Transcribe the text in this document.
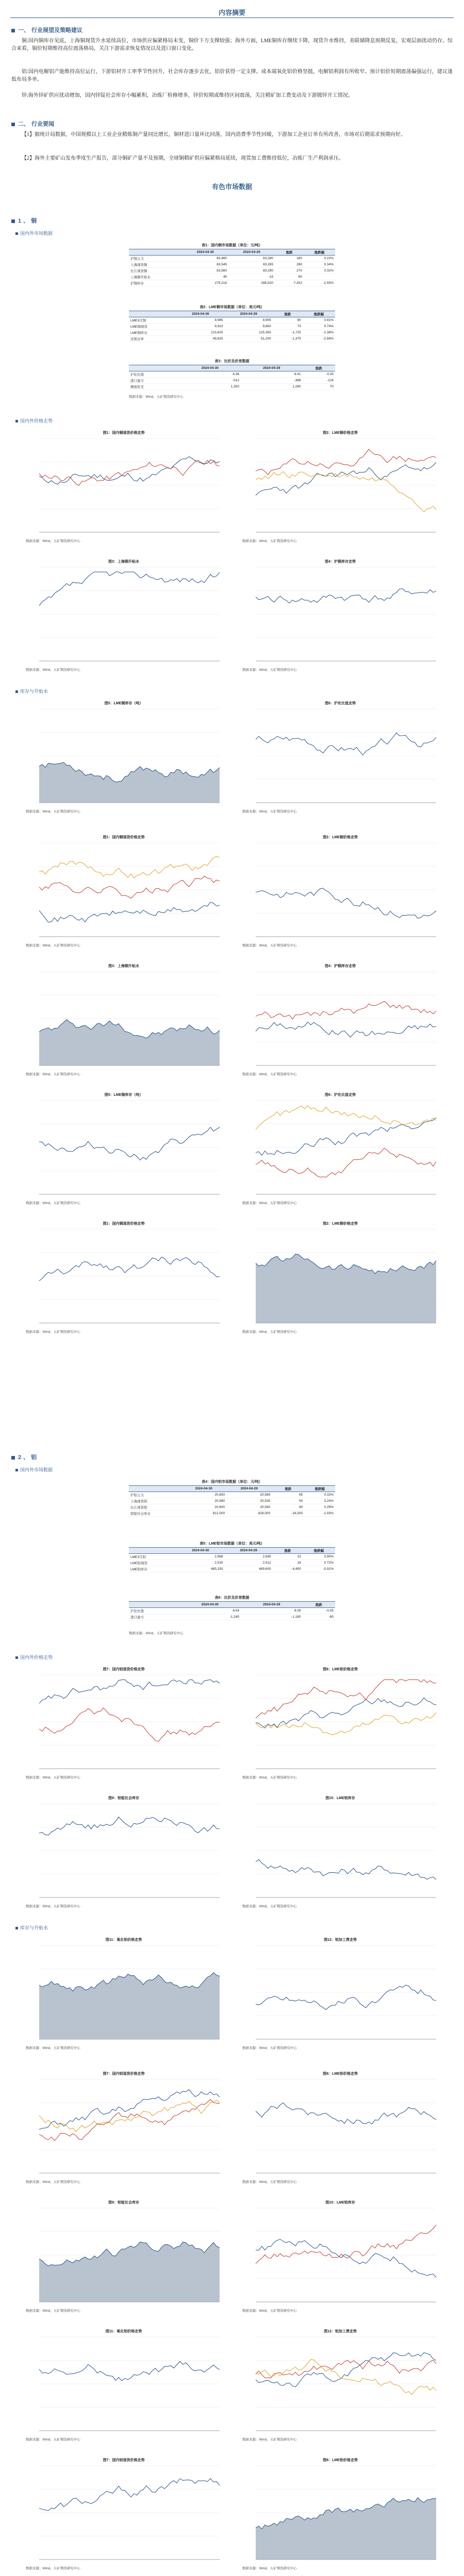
内容摘要
一、 行业展望及策略建议
铜:国内铜库存见底，上海铜现货升水延续高位，市场供应偏紧格局未变，铜价下方支撑较强；海外方面，LME铜库存继续下降，现货升水维持，美联储降息预期反复，宏观层面扰动仍存。综合来看，铜价短期维持高位震荡格局，关注下游需求恢复情况以及进口窗口变化。
铝:国内电解铝产能维持高位运行，下游铝材开工率季节性回升，社会库存逐步去化，铝价获得一定支撑。成本端氧化铝价格坚挺，电解铝利润有所收窄。预计铝价短期震荡偏强运行，建议逢低布局多单。
锌:海外锌矿供应扰动增加，国内锌锭社会库存小幅累积，冶炼厂检修增多，锌价短期或维持区间震荡，关注精矿加工费变动及下游镀锌开工情况。
二、 行业要闻
【1】据统计局数据，中国规模以上工业企业精炼铜产量同比增长，铜材进口量环比回落，国内消费季节性回暖，下游加工企业订单有所改善，市场对后期需求预期向好。
【2】海外主要矿山发布季度生产报告，部分铜矿产量不及预期，全球铜精矿供应偏紧格局延续，现货加工费维持低位，冶炼厂生产利润承压。
有色市场数据
1 、 铜
国内外市场数据
表1：国内铜市场数据（单位：元/吨）
	2024-04-30	2024-04-29	涨跌	涨跌幅
沪铜主力	83,460	83,280	180	0.22%
上海现货铜	83,545	83,265	280	0.34%
长江现货铜	83,560	83,290	270	0.32%
上海铜升贴水	45	-15	60	
沪铜库存	279,218	286,520	-7,302	-2.55%
表2：LME铜市场数据（单位：美元/吨）
	2024-04-30	2024-04-29	涨跌	涨跌幅
LME3月铜	9,985	9,905	80	0.81%
LME铜现货	9,923	9,850	73	0.74%
LME铜库存	123,625	125,350	-1,725	-1.38%
注销仓单	49,825	51,200	-1,375	-2.69%
表3：比价及价差数据
	2024-04-30	2024-04-29	涨跌
沪伦比值	8.36	8.41	-0.05
进口盈亏	-512	-388	-124
精废价差	1,350	1,280	70
数据来源：Wind，五矿期货研究中心
国内外价格走势
图1：国内铜现货价格走势
数据来源：Wind，五矿期货研究中心
图2：LME铜价格走势
数据来源：Wind，五矿期货研究中心
图3：上海铜升贴水
数据来源：Wind，五矿期货研究中心
图4：沪铜库存走势
数据来源：Wind，五矿期货研究中心
库存与升贴水
图5：LME铜库存（吨）
数据来源：Wind，五矿期货研究中心
图6：沪伦比值走势
数据来源：Wind，五矿期货研究中心
图1：国内铜现货价格走势
数据来源：Wind，五矿期货研究中心
图2：LME铜价格走势
数据来源：Wind，五矿期货研究中心
图3：上海铜升贴水
数据来源：Wind，五矿期货研究中心
图4：沪铜库存走势
数据来源：Wind，五矿期货研究中心
图5：LME铜库存（吨）
数据来源：Wind，五矿期货研究中心
图6：沪伦比值走势
数据来源：Wind，五矿期货研究中心
图1：国内铜现货价格走势
数据来源：Wind，五矿期货研究中心
图2：LME铜价格走势
数据来源：Wind，五矿期货研究中心
2 、 铝
国内外市场数据
表4：国内铝市场数据（单位：元/吨）
	2024-04-30	2024-04-29	涨跌	涨跌幅
沪铝主力	20,650	20,585	65	0.32%
上海现货铝	20,580	20,530	50	0.24%
长江现货铝	20,600	20,540	60	0.29%
铝锭社会库存	812,000	828,000	-16,000	-1.93%
表5：LME铝市场数据（单位：美元/吨）
	2024-04-30	2024-04-29	涨跌	涨跌幅
LME3月铝	2,568	2,545	23	0.90%
LME铝现货	2,530	2,512	18	0.72%
LME铝库存	485,150	489,600	-4,450	-0.91%
表6：比价及价差数据
	2024-04-30	2024-04-29	涨跌
沪伦比值	8.04	8.09	-0.05
进口盈亏	-1,245	-1,180	-65
数据来源：Wind，五矿期货研究中心
国内外价格走势
图7：国内铝现货价格走势
数据来源：Wind，五矿期货研究中心
图8：LME铝价格走势
数据来源：Wind，五矿期货研究中心
图9：铝锭社会库存
数据来源：Wind，五矿期货研究中心
图10：LME铝库存
数据来源：Wind，五矿期货研究中心
库存与升贴水
图11：氧化铝价格走势
数据来源：Wind，五矿期货研究中心
图12：铝加工费走势
数据来源：Wind，五矿期货研究中心
图7：国内铝现货价格走势
数据来源：Wind，五矿期货研究中心
图8：LME铝价格走势
数据来源：Wind，五矿期货研究中心
图9：铝锭社会库存
数据来源：Wind，五矿期货研究中心
图10：LME铝库存
数据来源：Wind，五矿期货研究中心
图11：氧化铝价格走势
数据来源：Wind，五矿期货研究中心
图12：铝加工费走势
数据来源：Wind，五矿期货研究中心
图7：国内铝现货价格走势
数据来源：Wind，五矿期货研究中心
图8：LME铝价格走势
数据来源：Wind，五矿期货研究中心
